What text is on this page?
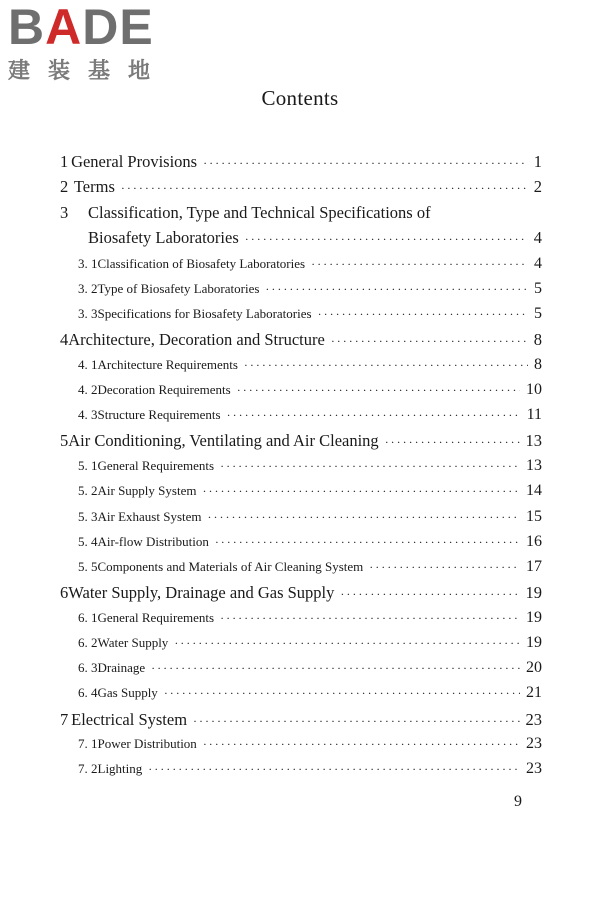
BADE
建装基地
Contents
1 General Provisions ·····	1
2 Terms ·····	2
3 Classification, Type and Technical Specifications of
Biosafety Laboratories ·····	4
3. 1 Classification of Biosafety Laboratories ·····	4
3. 2 Type of Biosafety Laboratories ·····	5
3. 3 Specifications for Biosafety Laboratories ·····	5
4 Architecture, Decoration and Structure ·····	8
4. 1 Architecture Requirements ·····	8
4. 2 Decoration Requirements ·····	10
4. 3 Structure Requirements ·····	11
5 Air Conditioning, Ventilating and Air Cleaning ·····	13
5. 1 General Requirements ·····	13
5. 2 Air Supply System ·····	14
5. 3 Air Exhaust System ·····	15
5. 4 Air-flow Distribution ·····	16
5. 5 Components and Materials of Air Cleaning System ·····	17
6 Water Supply, Drainage and Gas Supply ·····	19
6. 1 General Requirements ·····	19
6. 2 Water Supply ·····	19
6. 3 Drainage ·····	20
6. 4 Gas Supply ·····	21
7 Electrical System ·····	23
7. 1 Power Distribution ·····	23
7. 2 Lighting ·····	23
9
